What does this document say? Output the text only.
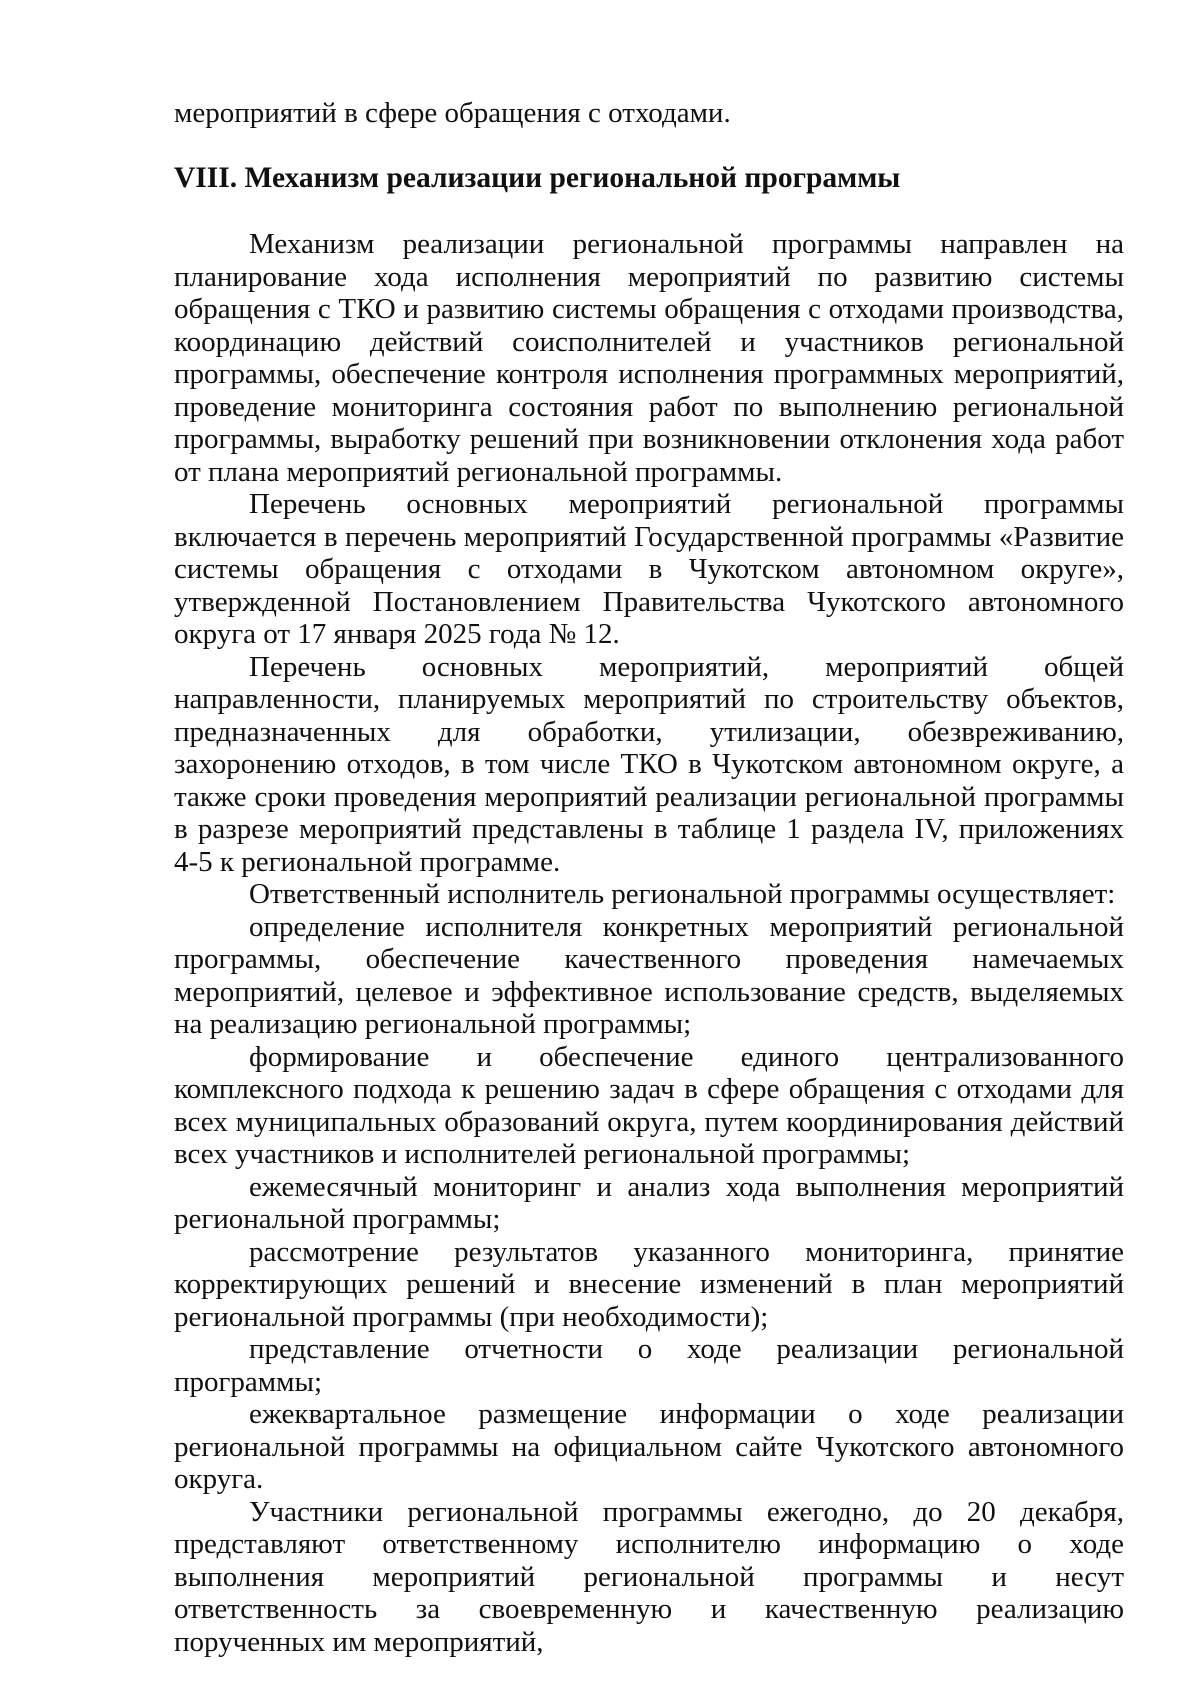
мероприятий в сфере обращения с отходами.

VIII. Механизм реализации региональной программы

Механизм реализации региональной программы направлен на планирование хода исполнения мероприятий по развитию системы обращения с ТКО и развитию системы обращения с отходами производства, координацию действий соисполнителей и участников региональной программы, обеспечение контроля исполнения программных мероприятий, проведение мониторинга состояния работ по выполнению региональной программы, выработку решений при возникновении отклонения хода работ от плана мероприятий региональной программы.

Перечень основных мероприятий региональной программы включается в перечень мероприятий Государственной программы «Развитие системы обращения с отходами в Чукотском автономном округе», утвержденной Постановлением Правительства Чукотского автономного округа от 17 января 2025 года № 12.

Перечень основных мероприятий, мероприятий общей направленности, планируемых мероприятий по строительству объектов, предназначенных для обработки, утилизации, обезвреживанию, захоронению отходов, в том числе ТКО в Чукотском автономном округе, а также сроки проведения мероприятий реализации региональной программы в разрезе мероприятий представлены в таблице 1 раздела IV, приложениях 4-5 к региональной программе.

Ответственный исполнитель региональной программы осуществляет:

определение исполнителя конкретных мероприятий региональной программы, обеспечение качественного проведения намечаемых мероприятий, целевое и эффективное использование средств, выделяемых на реализацию региональной программы;

формирование и обеспечение единого централизованного комплексного подхода к решению задач в сфере обращения с отходами для всех муниципальных образований округа, путем координирования действий всех участников и исполнителей региональной программы;

ежемесячный мониторинг и анализ хода выполнения мероприятий региональной программы;

рассмотрение результатов указанного мониторинга, принятие корректирующих решений и внесение изменений в план мероприятий региональной программы (при необходимости);

представление отчетности о ходе реализации региональной программы;

ежеквартальное размещение информации о ходе реализации региональной программы на официальном сайте Чукотского автономного округа.

Участники региональной программы ежегодно, до 20 декабря, представляют ответственному исполнителю информацию о ходе выполнения мероприятий региональной программы и несут ответственность за своевременную и качественную реализацию порученных им мероприятий,
